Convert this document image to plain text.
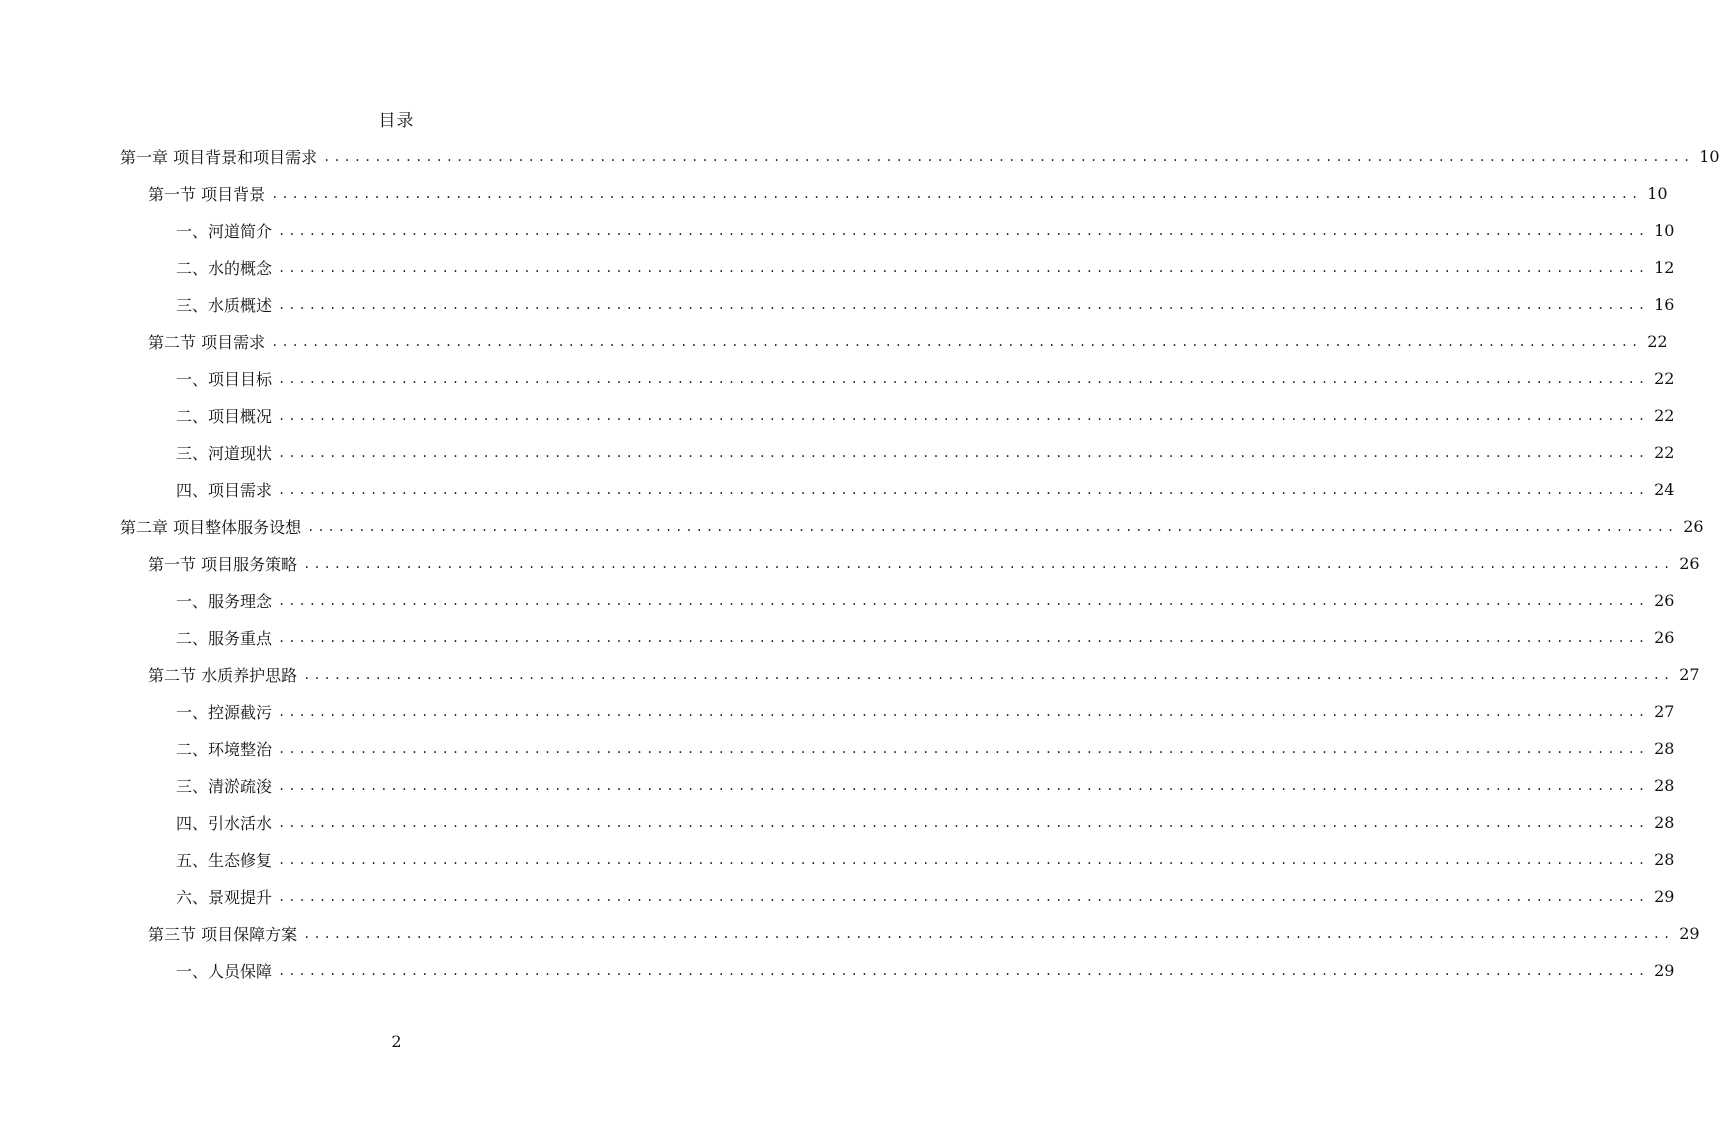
目录
第一章 项目背景和项目需求 ...................................................................................................................................... 10
第一节 项目背景 ...................................................................................................................................... 10
一、河道简介 ...................................................................................................................................... 10
二、水的概念 ...................................................................................................................................... 12
三、水质概述 ...................................................................................................................................... 16
第二节 项目需求 ...................................................................................................................................... 22
一、项目目标 ...................................................................................................................................... 22
二、项目概况 ...................................................................................................................................... 22
三、河道现状 ...................................................................................................................................... 22
四、项目需求 ...................................................................................................................................... 24
第二章 项目整体服务设想 ...................................................................................................................................... 26
第一节 项目服务策略 ...................................................................................................................................... 26
一、服务理念 ...................................................................................................................................... 26
二、服务重点 ...................................................................................................................................... 26
第二节 水质养护思路 ...................................................................................................................................... 27
一、控源截污 ...................................................................................................................................... 27
二、环境整治 ...................................................................................................................................... 28
三、清淤疏浚 ...................................................................................................................................... 28
四、引水活水 ...................................................................................................................................... 28
五、生态修复 ...................................................................................................................................... 28
六、景观提升 ...................................................................................................................................... 29
第三节 项目保障方案 ...................................................................................................................................... 29
一、人员保障 ...................................................................................................................................... 29
2
